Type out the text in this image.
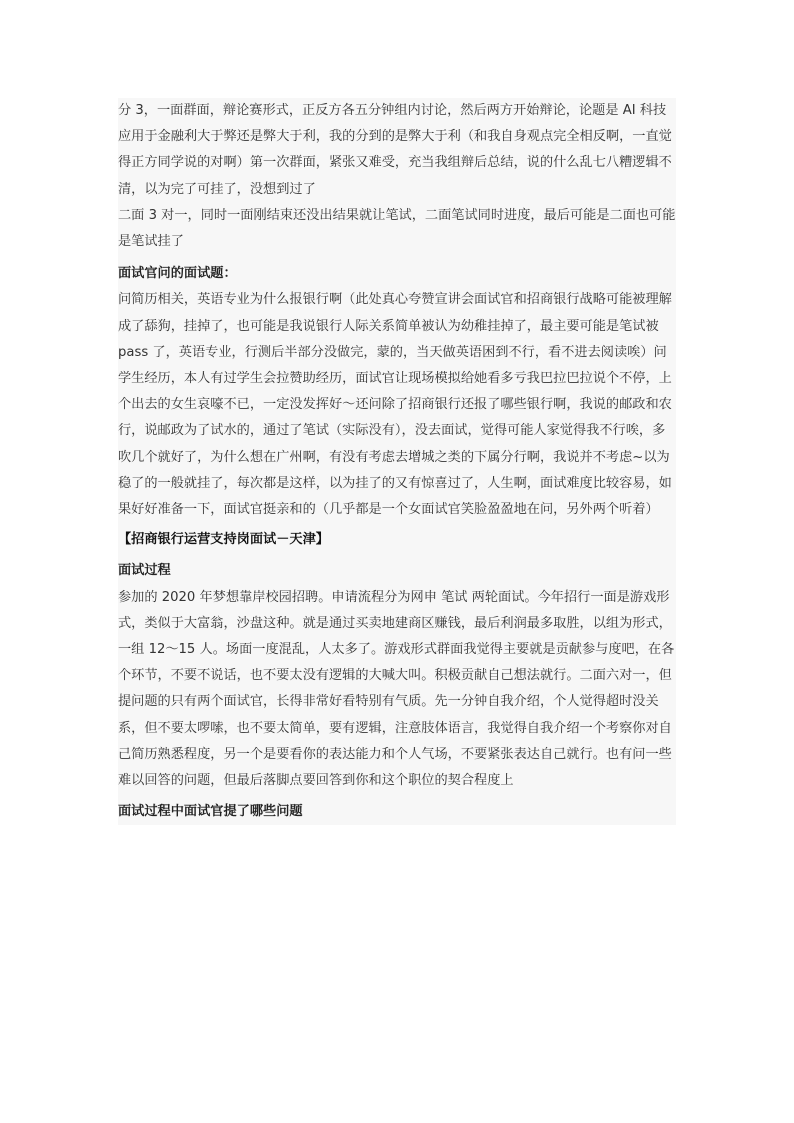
分 3，一面群面，辩论赛形式，正反方各五分钟组内讨论，然后两方开始辩论，论题是 AI 科技应用于金融利大于弊还是弊大于利，我的分到的是弊大于利（和我自身观点完全相反啊，一直觉得正方同学说的对啊）第一次群面，紧张又难受，充当我组辩后总结，说的什么乱七八糟逻辑不清，以为完了可挂了，没想到过了

二面 3 对一，同时一面刚结束还没出结果就让笔试，二面笔试同时进度，最后可能是二面也可能是笔试挂了

面试官问的面试题：

问简历相关，英语专业为什么报银行啊（此处真心夸赞宣讲会面试官和招商银行战略可能被理解成了舔狗，挂掉了，也可能是我说银行人际关系简单被认为幼稚挂掉了，最主要可能是笔试被 pass 了，英语专业，行测后半部分没做完，蒙的，当天做英语困到不行，看不进去阅读唉）问学生经历，本人有过学生会拉赞助经历，面试官让现场模拟给她看多亏我巴拉巴拉说个不停，上个出去的女生哀嚎不已，一定没发挥好～还问除了招商银行还报了哪些银行啊，我说的邮政和农行，说邮政为了试水的，通过了笔试（实际没有），没去面试，觉得可能人家觉得我不行唉，多吹几个就好了，为什么想在广州啊，有没有考虑去增城之类的下属分行啊，我说并不考虑~以为稳了的一般就挂了，每次都是这样，以为挂了的又有惊喜过了，人生啊，面试难度比较容易，如果好好准备一下，面试官挺亲和的（几乎都是一个女面试官笑脸盈盈地在问，另外两个听着）

【招商银行运营支持岗面试－天津】

面试过程

参加的 2020 年梦想靠岸校园招聘。申请流程分为网申 笔试 两轮面试。今年招行一面是游戏形式，类似于大富翁，沙盘这种。就是通过买卖地建商区赚钱，最后利润最多取胜，以组为形式，一组 12～15 人。场面一度混乱，人太多了。游戏形式群面我觉得主要就是贡献参与度吧，在各个环节，不要不说话，也不要太没有逻辑的大喊大叫。积极贡献自己想法就行。二面六对一，但提问题的只有两个面试官，长得非常好看特别有气质。先一分钟自我介绍，个人觉得超时没关系，但不要太啰嗦，也不要太简单，要有逻辑，注意肢体语言，我觉得自我介绍一个考察你对自己简历熟悉程度，另一个是要看你的表达能力和个人气场，不要紧张表达自己就行。也有问一些难以回答的问题，但最后落脚点要回答到你和这个职位的契合程度上

面试过程中面试官提了哪些问题
